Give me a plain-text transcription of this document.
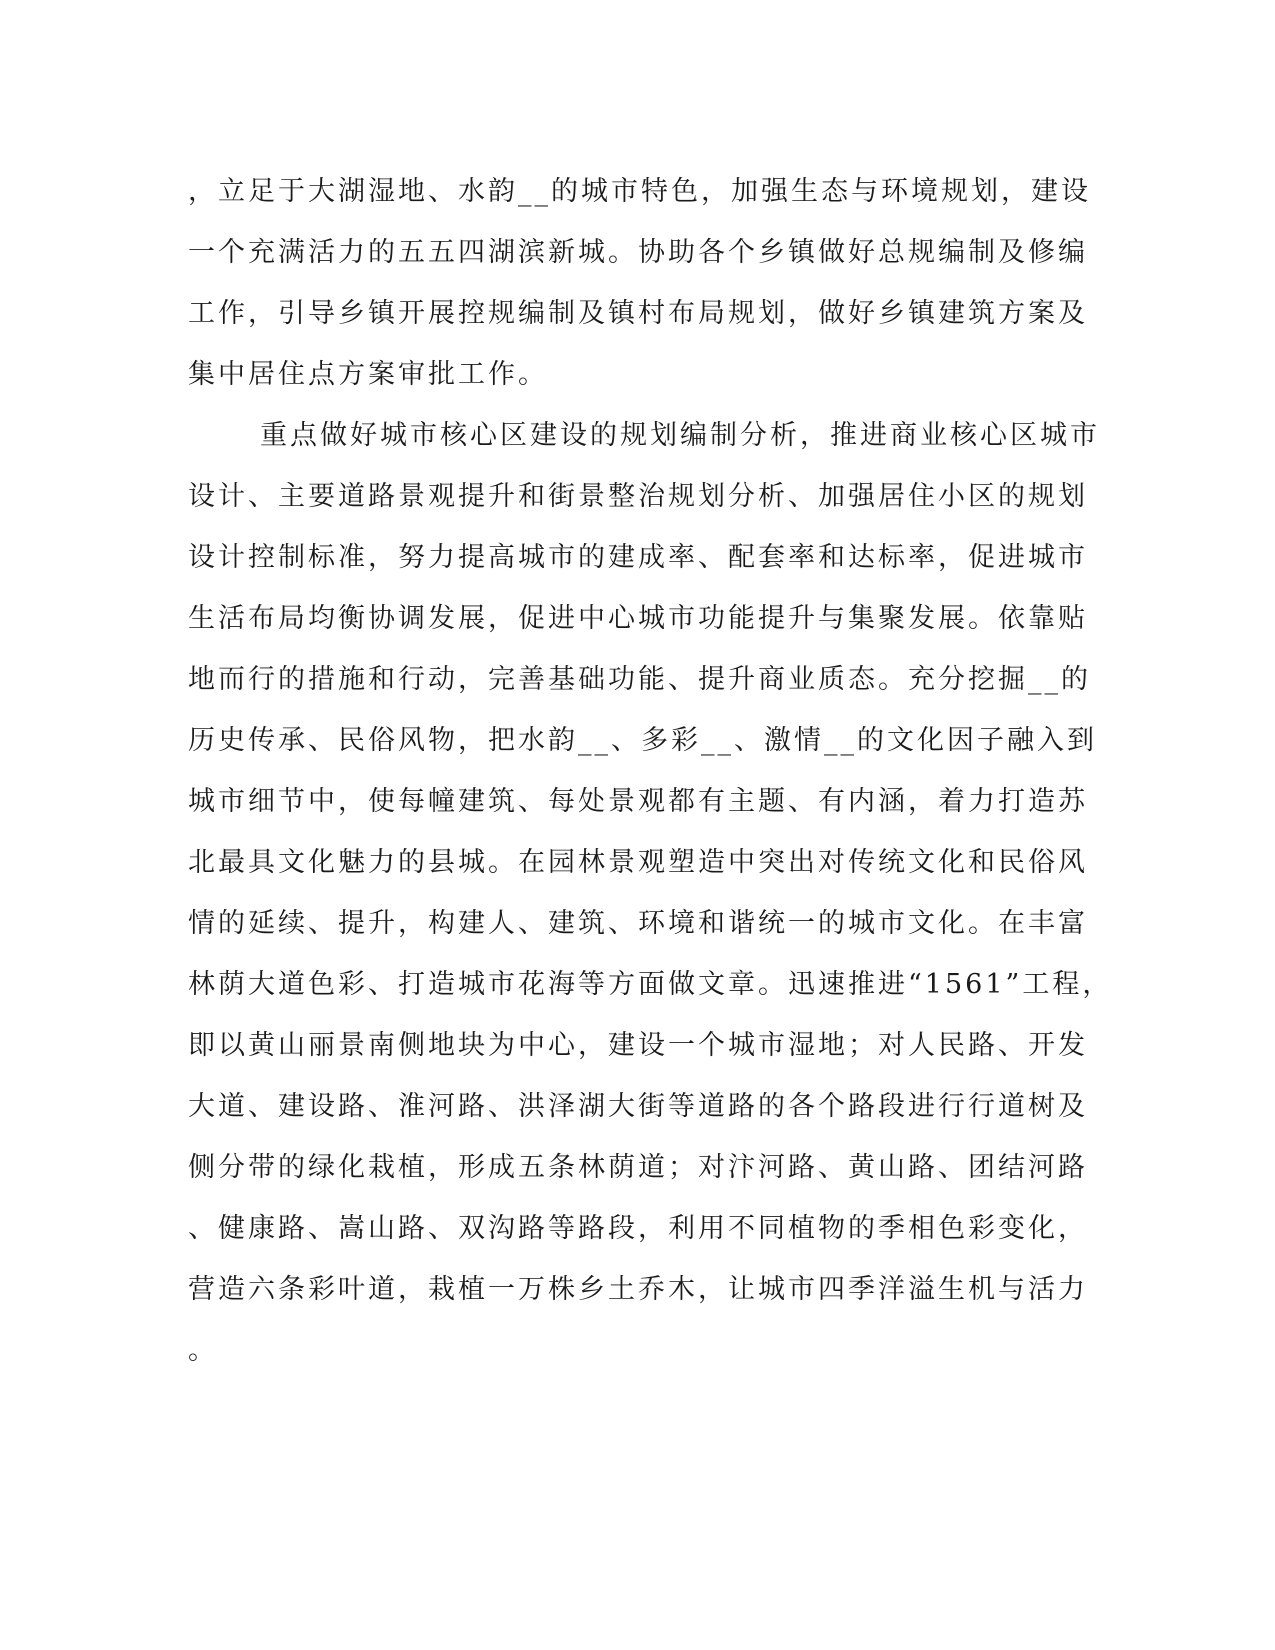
，立足于大湖湿地、水韵__的城市特色，加强生态与环境规划，建设
一个充满活力的五五四湖滨新城。协助各个乡镇做好总规编制及修编
工作，引导乡镇开展控规编制及镇村布局规划，做好乡镇建筑方案及
集中居住点方案审批工作。
重点做好城市核心区建设的规划编制分析，推进商业核心区城市
设计、主要道路景观提升和街景整治规划分析、加强居住小区的规划
设计控制标准，努力提高城市的建成率、配套率和达标率，促进城市
生活布局均衡协调发展，促进中心城市功能提升与集聚发展。依靠贴
地而行的措施和行动，完善基础功能、提升商业质态。充分挖掘__的
历史传承、民俗风物，把水韵__、多彩__、激情__的文化因子融入到
城市细节中，使每幢建筑、每处景观都有主题、有内涵，着力打造苏
北最具文化魅力的县城。在园林景观塑造中突出对传统文化和民俗风
情的延续、提升，构建人、建筑、环境和谐统一的城市文化。在丰富
林荫大道色彩、打造城市花海等方面做文章。迅速推进“1561”工程，
即以黄山丽景南侧地块为中心，建设一个城市湿地；对人民路、开发
大道、建设路、淮河路、洪泽湖大街等道路的各个路段进行行道树及
侧分带的绿化栽植，形成五条林荫道；对汴河路、黄山路、团结河路
、健康路、嵩山路、双沟路等路段，利用不同植物的季相色彩变化，
营造六条彩叶道，栽植一万株乡土乔木，让城市四季洋溢生机与活力
。
